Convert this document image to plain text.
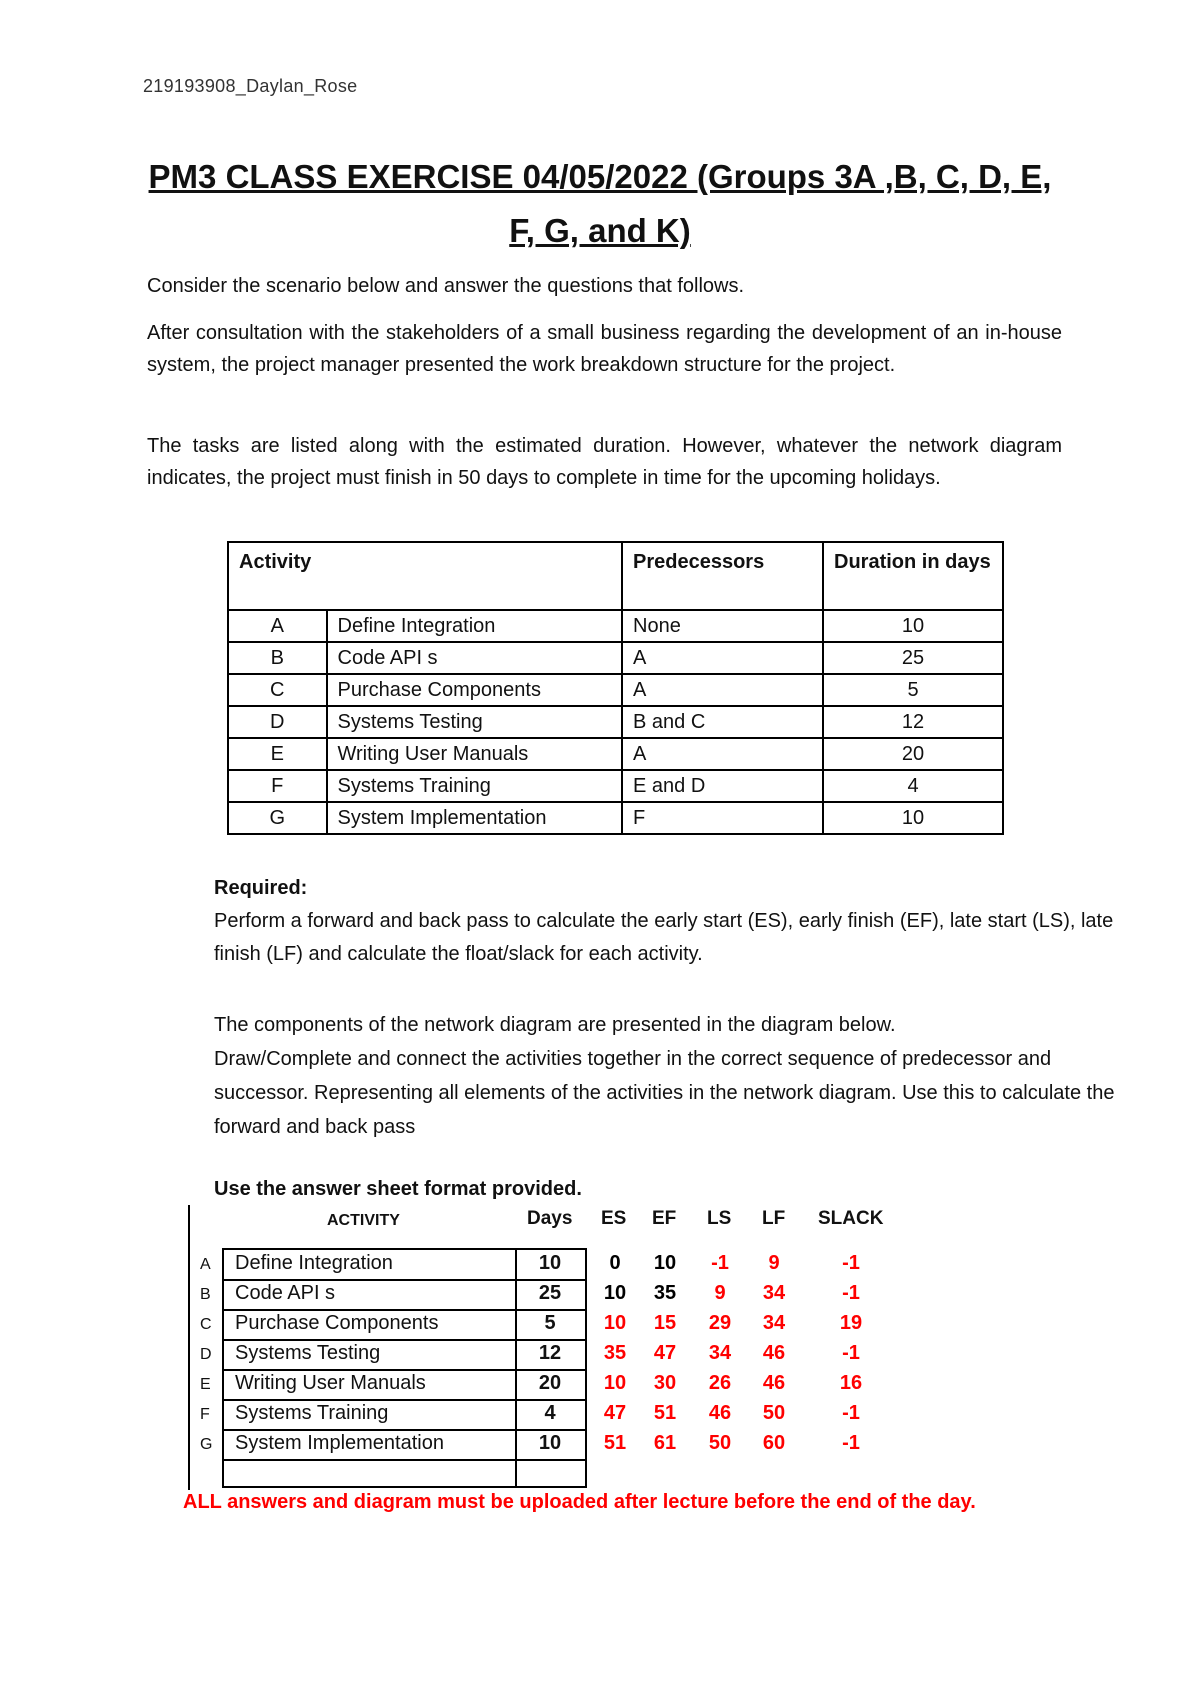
219193908_Daylan_Rose
PM3 CLASS EXERCISE 04/05/2022 (Groups 3A ,B, C, D, E, F, G, and K)
Consider the scenario below and answer the questions that follows.
After consultation with the stakeholders of a small business regarding the development of an in-house system, the project manager presented the work breakdown structure for the project.
The tasks are listed along with the estimated duration. However, whatever the network diagram indicates, the project must finish in 50 days to complete in time for the upcoming holidays.
Activity		Predecessors	Duration in days
A	Define Integration	None	10
B	Code API s	A	25
C	Purchase Components	A	5
D	Systems Testing	B and C	12
E	Writing User Manuals	A	20
F	Systems Training	E and D	4
G	System Implementation	F	10
Required:
Perform a forward and back pass to calculate the early start (ES), early finish (EF), late start (LS), late finish (LF) and calculate the float/slack for each activity.
The components of the network diagram are presented in the diagram below.
Draw/Complete and connect the activities together in the correct sequence of predecessor and successor. Representing all elements of the activities in the network diagram. Use this to calculate the forward and back pass
Use the answer sheet format provided.
ACTIVITY	Days ES EF LS LF SLACK
A Define Integration	10	0	10	-1	9	-1
B Code API s	25	10	35	9	34	-1
C Purchase Components	5	10	15	29	34	19
D Systems Testing	12	35	47	34	46	-1
E Writing User Manuals	20	10	30	26	46	16
F Systems Training	4	47	51	46	50	-1
G System Implementation	10	51	61	50	60	-1
ALL answers and diagram must be uploaded after lecture before the end of the day.
